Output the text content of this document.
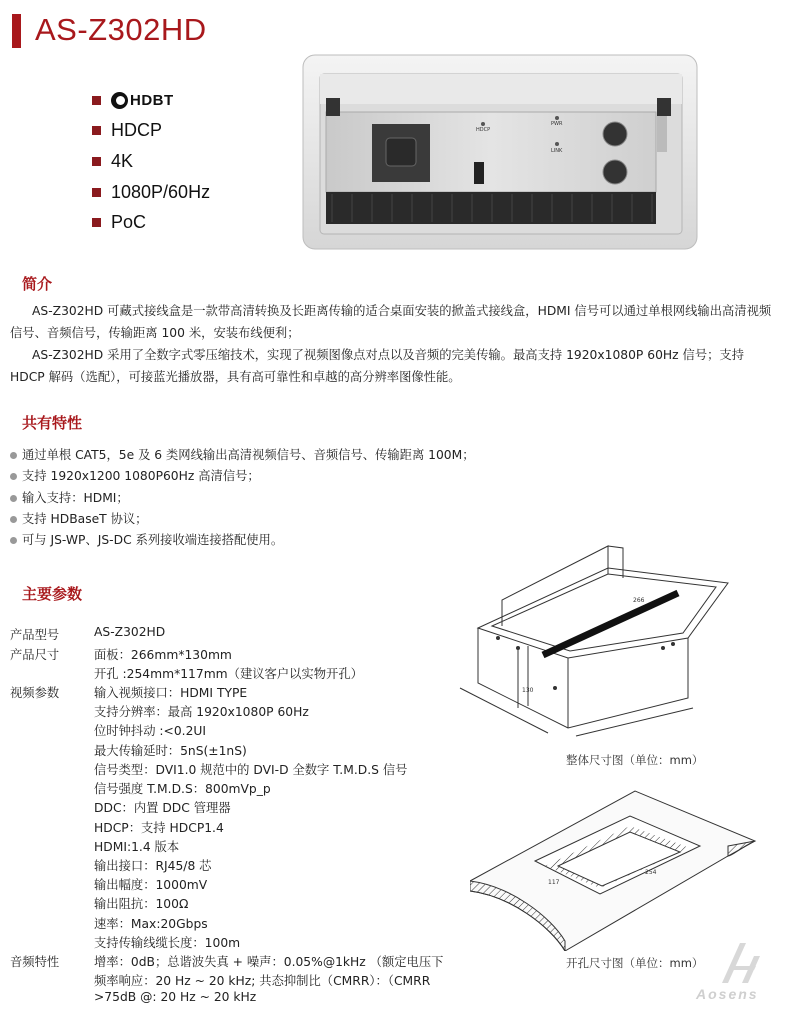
AS-Z302HD
HDBT
HDCP
4K
1080P/60Hz
PoC
HDCP
PWR
LINK
简介

AS-Z302HD 可藏式接线盒是一款带高清转换及长距离传输的适合桌面安装的掀盖式接线盒，HDMI 信号可以通过单根网线输出高清视频信号、音频信号，传输距离 100 米，安装布线便利；

AS-Z302HD 采用了全数字式零压缩技术，实现了视频图像点对点以及音频的完美传输。最高支持 1920x1080P 60Hz 信号；支持 HDCP 解码（选配），可接蓝光播放器，具有高可靠性和卓越的高分辨率图像性能。

共有特性
通过单根 CAT5，5e 及 6 类网线输出高清视频信号、音频信号、传输距离 100M；
支持 1920x1200 1080P60Hz 高清信号；
输入支持：HDMI；
支持 HDBaseT 协议；
可与 JS-WP、JS-DC 系列接收端连接搭配使用。
主要参数
产品型号	AS-Z302HD
产品尺寸	面板：266mm*130mm
开孔 :254mm*117mm（建议客户以实物开孔）
视频参数	输入视频接口：HDMI TYPE
支持分辨率：最高 1920x1080P 60Hz
位时钟抖动 :<0.2UI
最大传输延时：5nS(±1nS)
信号类型：DVI1.0 规范中的 DVI-D 全数字 T.M.D.S 信号
信号强度 T.M.D.S：800mVp_p
DDC：内置 DDC 管理器
HDCP：支持 HDCP1.4
HDMI:1.4 版本
输出接口：RJ45/8 芯
输出幅度：1000mV
输出阻抗：100Ω
速率：Max:20Gbps
支持传输线缆长度：100m
音频特性	增率：0dB；总谐波失真 + 噪声：0.05%@1kHz （额定电压下
频率响应：20 Hz ~ 20 kHz; 共态抑制比（CMRR）：（CMRR
>75dB @: 20 Hz ~ 20 kHz
130
266
整体尺寸图（单位：mm）
117
254
开孔尺寸图（单位：mm）
Aosens
